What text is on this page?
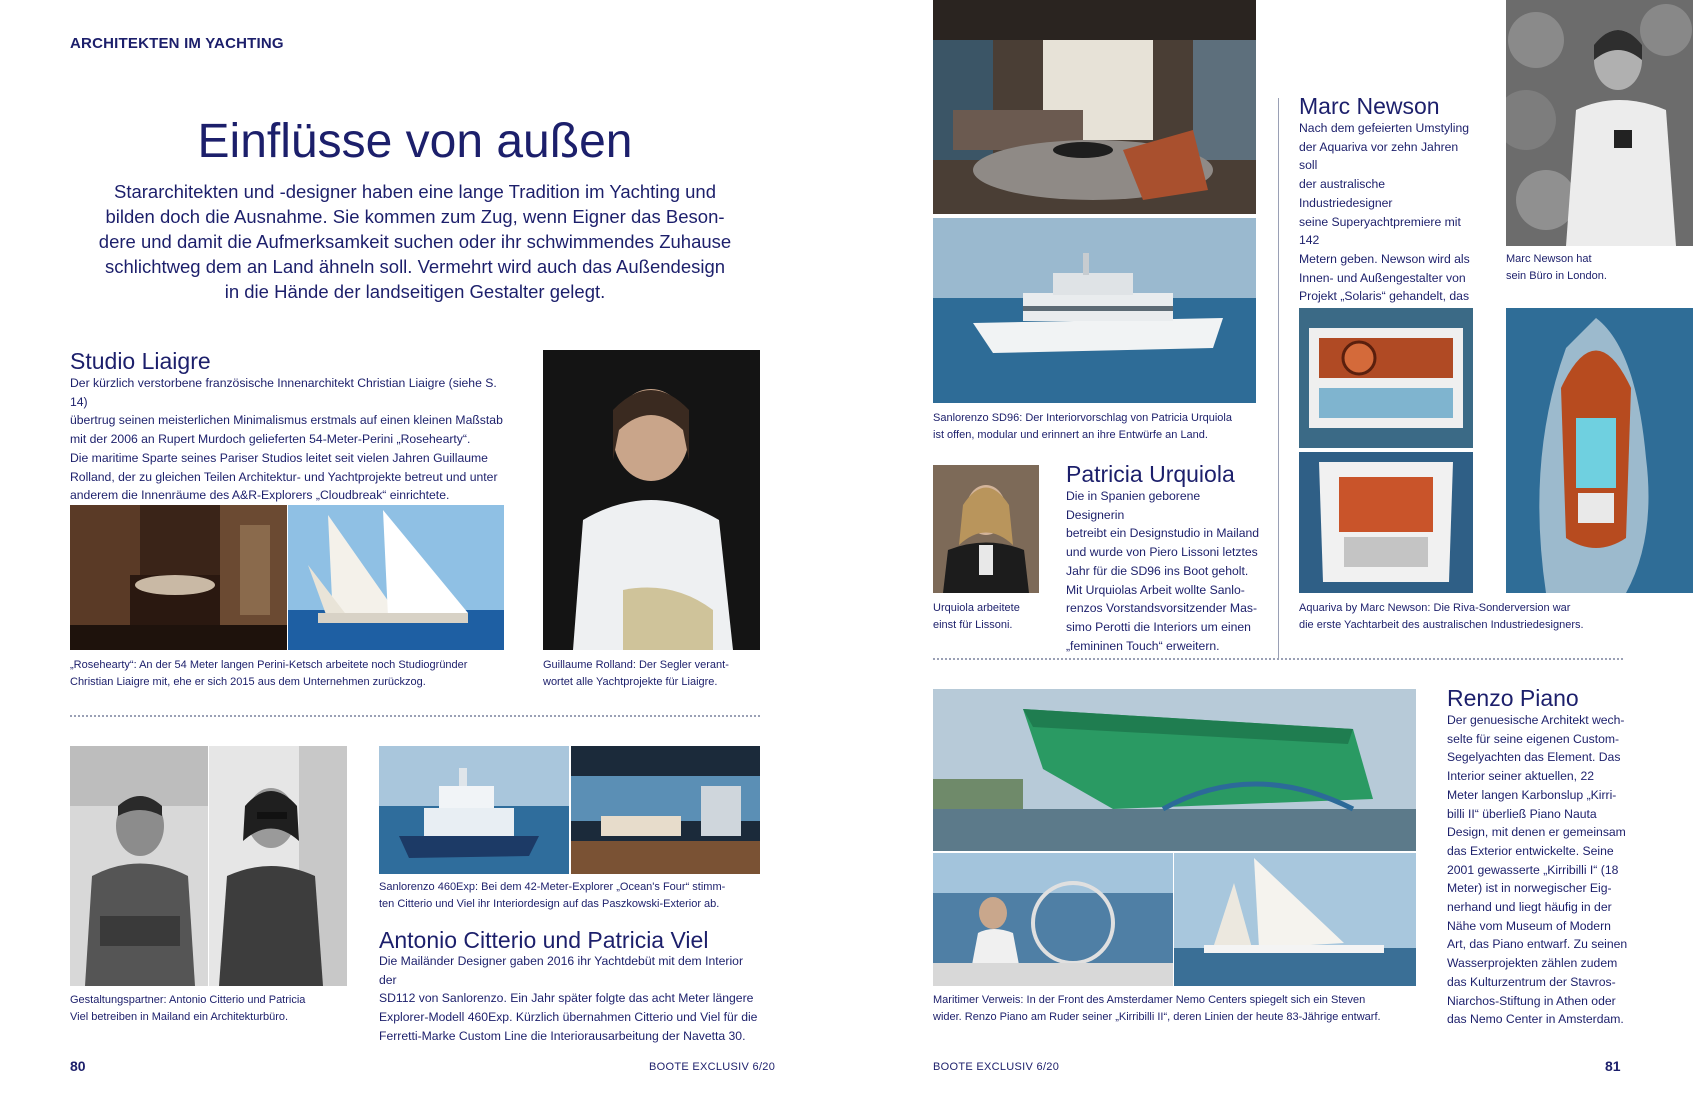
ARCHITEKTEN IM YACHTING
Einflüsse von außen
Stararchitekten und -designer haben eine lange Tradition im Yachting und
bilden doch die Ausnahme. Sie kommen zum Zug, wenn Eigner das Beson-
dere und damit die Aufmerksamkeit suchen oder ihr schwimmendes Zuhause
schlichtweg dem an Land ähneln soll. Vermehrt wird auch das Außendesign
in die Hände der landseitigen Gestalter gelegt.
Studio Liaigre
Der kürzlich verstorbene französische Innenarchitekt Christian Liaigre (siehe S. 14)
übertrug seinen meisterlichen Minimalismus erstmals auf einen kleinen Maßstab
mit der 2006 an Rupert Murdoch gelieferten 54-Meter-Perini „Rosehearty“.
Die maritime Sparte seines Pariser Studios leitet seit vielen Jahren Guillaume
Rolland, der zu gleichen Teilen Architektur- und Yachtprojekte betreut und unter
anderem die Innenräume des A&R-Explorers „Cloudbreak“ einrichtete.
„Rosehearty“: An der 54 Meter langen Perini-Ketsch arbeitete noch Studiogründer
Christian Liaigre mit, ehe er sich 2015 aus dem Unternehmen zurückzog.
Guillaume Rolland: Der Segler verant-
wortet alle Yachtprojekte für Liaigre.
Gestaltungspartner: Antonio Citterio und Patricia
Viel betreiben in Mailand ein Architekturbüro.
Sanlorenzo 460Exp: Bei dem 42-Meter-Explorer „Ocean's Four“ stimm-
ten Citterio und Viel ihr Interiordesign auf das Paszkowski-Exterior ab.
Antonio Citterio und Patricia Viel
Die Mailänder Designer gaben 2016 ihr Yachtdebüt mit dem Interior der
SD112 von Sanlorenzo. Ein Jahr später folgte das acht Meter längere
Explorer-Modell 460Exp. Kürzlich übernahmen Citterio und Viel für die
Ferretti-Marke Custom Line die Interiorausarbeitung der Navetta 30.
80	BOOTE EXCLUSIV 6/20
Sanlorenzo SD96: Der Interiorvorschlag von Patricia Urquiola
ist offen, modular und erinnert an ihre Entwürfe an Land.
Marc Newson
Nach dem gefeierten Umstyling
der Aquariva vor zehn Jahren soll
der australische Industriedesigner
seine Superyachtpremiere mit 142
Metern geben. Newson wird als
Innen- und Außengestalter von
Projekt „Solaris“ gehandelt, das
Marc Newson hat
sein Büro in London.
Aquariva by Marc Newson: Die Riva-Sonderversion war
die erste Yachtarbeit des australischen Industriedesigners.
Urquiola arbeitete
einst für Lissoni.
Patricia Urquiola
Die in Spanien geborene Designerin
betreibt ein Designstudio in Mailand
und wurde von Piero Lissoni letztes
Jahr für die SD96 ins Boot geholt.
Mit Urquiolas Arbeit wollte Sanlo-
renzos Vorstandsvorsitzender Mas-
simo Perotti die Interiors um einen
„femininen Touch“ erweitern.
Maritimer Verweis: In der Front des Amsterdamer Nemo Centers spiegelt sich ein Steven
wider. Renzo Piano am Ruder seiner „Kirribilli II“, deren Linien der heute 83-Jährige entwarf.
Renzo Piano
Der genuesische Architekt wech-
selte für seine eigenen Custom-
Segelyachten das Element. Das
Interior seiner aktuellen, 22
Meter langen Karbonslup „Kirri-
billi II“ überließ Piano Nauta
Design, mit denen er gemeinsam
das Exterior entwickelte. Seine
2001 gewasserte „Kirribilli I“ (18
Meter) ist in norwegischer Eig-
nerhand und liegt häufig in der
Nähe vom Museum of Modern
Art, das Piano entwarf. Zu seinen
Wasserprojekten zählen zudem
das Kulturzentrum der Stavros-
Niarchos-Stiftung in Athen oder
das Nemo Center in Amsterdam.
BOOTE EXCLUSIV 6/20	81
